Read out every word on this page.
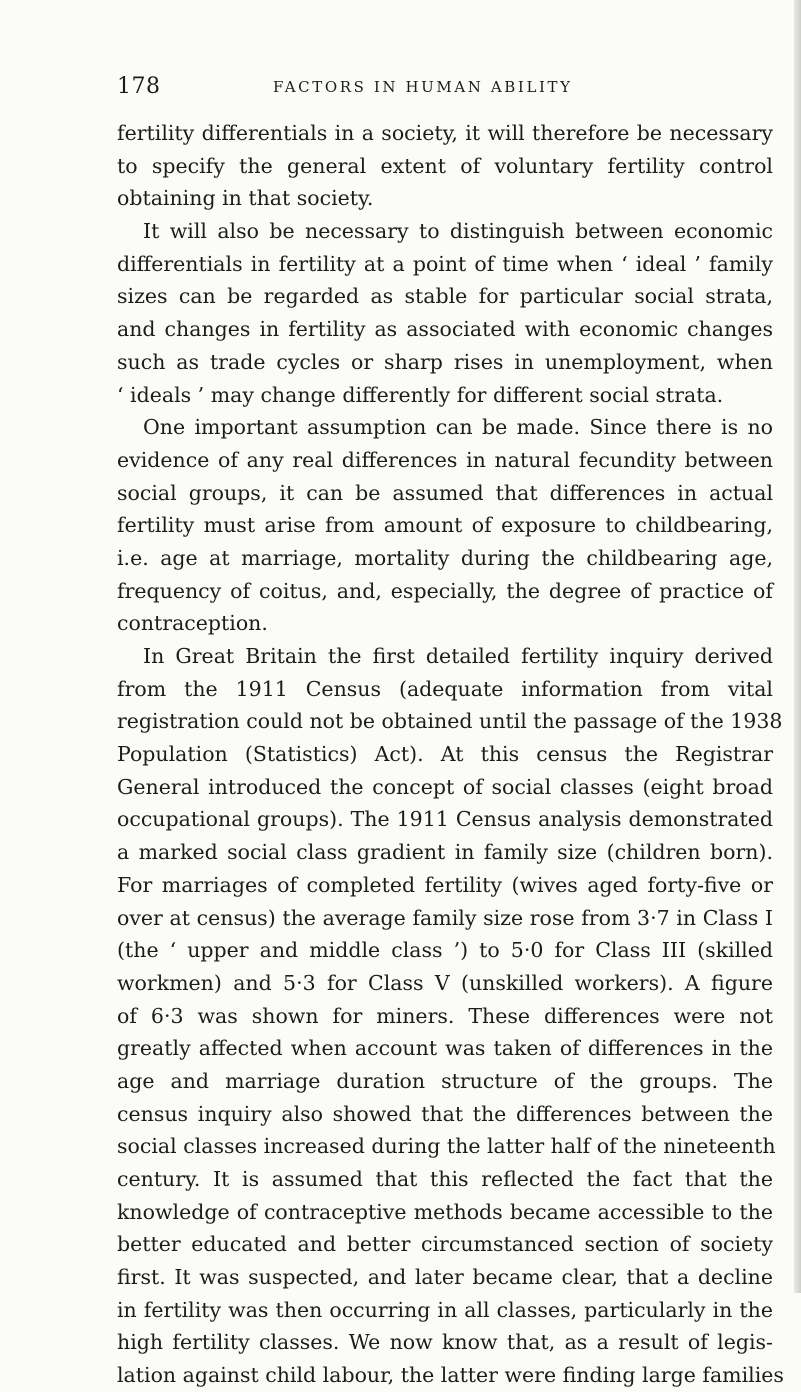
178	FACTORS IN HUMAN ABILITY
fertility differentials in a society, it will therefore be necessary
to specify the general extent of voluntary fertility control
obtaining in that society.
It will also be necessary to distinguish between economic
differentials in fertility at a point of time when ‘ ideal ’ family
sizes can be regarded as stable for particular social strata,
and changes in fertility as associated with economic changes
such as trade cycles or sharp rises in unemployment, when
‘ ideals ’ may change differently for different social strata.
One important assumption can be made. Since there is no
evidence of any real differences in natural fecundity between
social groups, it can be assumed that differences in actual
fertility must arise from amount of exposure to childbearing,
i.e. age at marriage, mortality during the childbearing age,
frequency of coitus, and, especially, the degree of practice of
contraception.
In Great Britain the first detailed fertility inquiry derived
from the 1911 Census (adequate information from vital
registration could not be obtained until the passage of the 1938
Population (Statistics) Act). At this census the Registrar
General introduced the concept of social classes (eight broad
occupational groups). The 1911 Census analysis demonstrated
a marked social class gradient in family size (children born).
For marriages of completed fertility (wives aged forty-five or
over at census) the average family size rose from 3·7 in Class I
(the ‘ upper and middle class ’) to 5·0 for Class III (skilled
workmen) and 5·3 for Class V (unskilled workers). A figure
of 6·3 was shown for miners. These differences were not
greatly affected when account was taken of differences in the
age and marriage duration structure of the groups. The
census inquiry also showed that the differences between the
social classes increased during the latter half of the nineteenth
century. It is assumed that this reflected the fact that the
knowledge of contraceptive methods became accessible to the
better educated and better circumstanced section of society
first. It was suspected, and later became clear, that a decline
in fertility was then occurring in all classes, particularly in the
high fertility classes. We now know that, as a result of legis-
lation against child labour, the latter were finding large families
